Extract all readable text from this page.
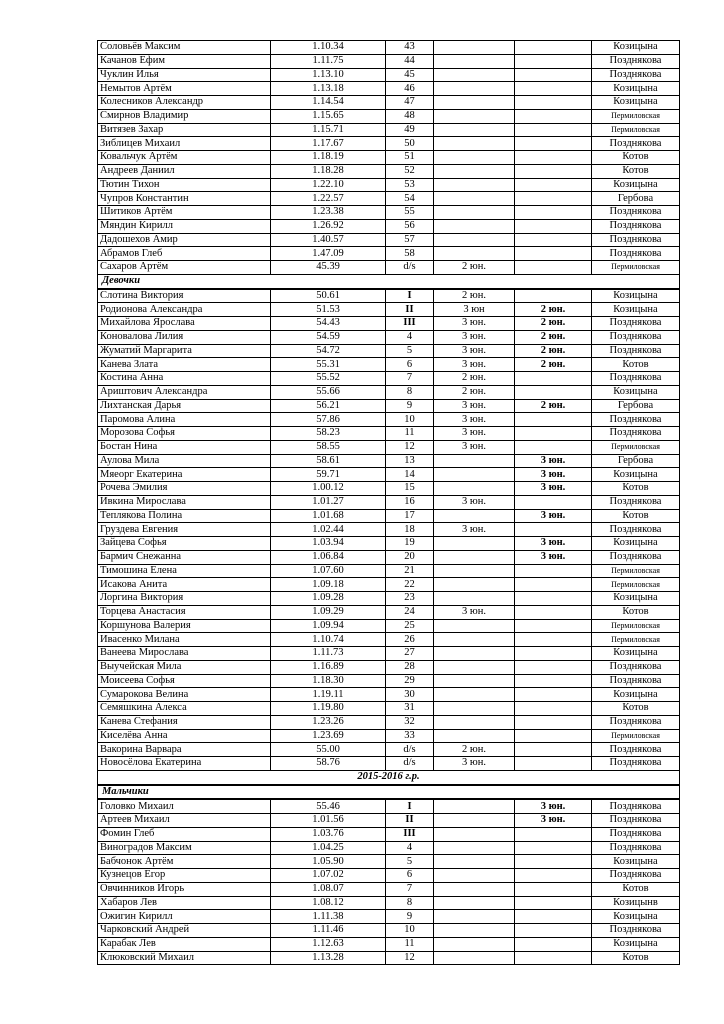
Соловьёв Максим	1.10.34	43			Козицына
Качанов Ефим	1.11.75	44			Позднякова
Чуклин Илья	1.13.10	45			Позднякова
Немытов Артём	1.13.18	46			Козицына
Колесников Александр	1.14.54	47			Козицына
Смирнов Владимир	1.15.65	48			Пермиловская
Витязев Захар	1.15.71	49			Пермиловская
Зиблицев Михаил	1.17.67	50			Позднякова
Ковальчук Артём	1.18.19	51			Котов
Андреев Даниил	1.18.28	52			Котов
Тютин Тихон	1.22.10	53			Козицына
Чупров Константин	1.22.57	54			Гербова
Шитиков Артём	1.23.38	55			Позднякова
Мяндин Кирилл	1.26.92	56			Позднякова
Дадошехов Амир	1.40.57	57			Позднякова
Абрамов Глеб	1.47.09	58			Позднякова
Сахаров Артём	45.39	d/s	2 юн.		Пермиловская
Девочки					
Слотина Виктория	50.61	I	2 юн.		Козицына
Родионова Александра	51.53	II	3 юн	2 юн.	Козицына
Михайлова Ярослава	54.43	III	3 юн.	2 юн.	Позднякова
Коновалова Лилия	54.59	4	3 юн.	2 юн.	Позднякова
Жуматий Маргарита	54.72	5	3 юн.	2 юн.	Позднякова
Канева Злата	55.31	6	3 юн.	2 юн.	Котов
Костина Анна	55.52	7	2 юн.		Позднякова
Ариштович Александра	55.66	8	2 юн.		Козицына
Лихтанская Дарья	56.21	9	3 юн.	2 юн.	Гербова
Паромова Алина	57.86	10	3 юн.		Позднякова
Морозова Софья	58.23	11	3 юн.		Позднякова
Бостан Нина	58.55	12	3 юн.		Пермиловская
Аулова Мила	58.61	13		3 юн.	Гербова
Мяеорг Екатерина	59.71	14		3 юн.	Козицына
Рочева Эмилия	1.00.12	15		3 юн.	Котов
Ивкина Мирослава	1.01.27	16	3 юн.		Позднякова
Теплякова Полина	1.01.68	17		3 юн.	Котов
Груздева Евгения	1.02.44	18	3 юн.		Позднякова
Зайцева Софья	1.03.94	19		3 юн.	Козицына
Бармич Снежанна	1.06.84	20		3 юн.	Позднякова
Тимошина Елена	1.07.60	21			Пермиловская
Исакова Анита	1.09.18	22			Пермиловская
Лоргина Виктория	1.09.28	23			Козицына
Торцева Анастасия	1.09.29	24	3 юн.		Котов
Коршунова Валерия	1.09.94	25			Пермиловская
Ивасенко Милана	1.10.74	26			Пермиловская
Ванеева Мирослава	1.11.73	27			Козицына
Выучейская Мила	1.16.89	28			Позднякова
Моисеева Софья	1.18.30	29			Позднякова
Сумарокова Велина	1.19.11	30			Козицына
Семяшкина Алекса	1.19.80	31			Котов
Канева Стефания	1.23.26	32			Позднякова
Киселёва Анна	1.23.69	33			Пермиловская
Вакорина Варвара	55.00	d/s	2 юн.		Позднякова
Новосёлова Екатерина	58.76	d/s	3 юн.		Позднякова
2015-2016 г.р.					
Мальчики					
Головко Михаил	55.46	I		3 юн.	Позднякова
Артеев Михаил	1.01.56	II		3 юн.	Позднякова
Фомин Глеб	1.03.76	III			Позднякова
Виноградов Максим	1.04.25	4			Позднякова
Бабчонок Артём	1.05.90	5			Козицына
Кузнецов Егор	1.07.02	6			Позднякова
Овчинников Игорь	1.08.07	7			Котов
Хабаров Лев	1.08.12	8			Козицынв
Ожигин Кирилл	1.11.38	9			Козицына
Чарковский Андрей	1.11.46	10			Позднякова
Карабак Лев	1.12.63	11			Козицына
Клюковский Михаил	1.13.28	12			Котов
